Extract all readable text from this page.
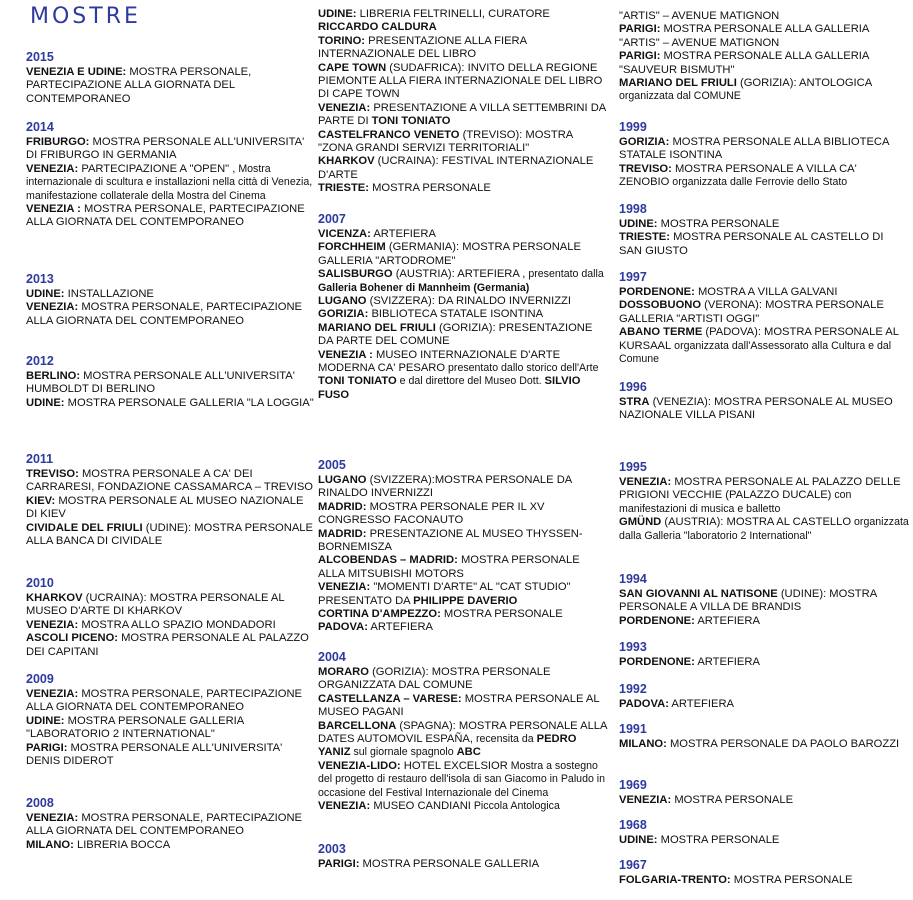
MOSTRE
2015

VENEZIA E UDINE: MOSTRA PERSONALE, PARTECIPAZIONE ALLA GIORNATA DEL CONTEMPORANEO

2014

FRIBURGO: MOSTRA PERSONALE ALL'UNIVERSITA' DI FRIBURGO IN GERMANIA

VENEZIA: PARTECIPAZIONE A "OPEN" , Mostra internazionale di scultura e installazioni nella città di Venezia, manifestazione collaterale della Mostra del Cinema

VENEZIA : MOSTRA PERSONALE, PARTECIPAZIONE ALLA GIORNATA DEL CONTEMPORANEO

2013

UDINE: INSTALLAZIONE

VENEZIA: MOSTRA PERSONALE, PARTECIPAZIONE ALLA GIORNATA DEL CONTEMPORANEO

2012

BERLINO: MOSTRA PERSONALE ALL'UNIVERSITA' HUMBOLDT DI BERLINO

UDINE: MOSTRA PERSONALE GALLERIA "LA LOGGIA"

2011

TREVISO: MOSTRA PERSONALE A CA' DEI CARRARESI, FONDAZIONE CASSAMARCA – TREVISO

KIEV: MOSTRA PERSONALE AL MUSEO NAZIONALE DI KIEV

CIVIDALE DEL FRIULI (UDINE): MOSTRA PERSONALE ALLA BANCA DI CIVIDALE

2010

KHARKOV (UCRAINA): MOSTRA PERSONALE AL MUSEO D'ARTE DI KHARKOV

VENEZIA: MOSTRA ALLO SPAZIO MONDADORI

ASCOLI PICENO: MOSTRA PERSONALE AL PALAZZO DEI CAPITANI

2009

VENEZIA: MOSTRA PERSONALE, PARTECIPAZIONE ALLA GIORNATA DEL CONTEMPORANEO

UDINE: MOSTRA PERSONALE GALLERIA "LABORATORIO 2 INTERNATIONAL"

PARIGI: MOSTRA PERSONALE ALL'UNIVERSITA' DENIS DIDEROT

2008

VENEZIA: MOSTRA PERSONALE, PARTECIPAZIONE ALLA GIORNATA DEL CONTEMPORANEO

MILANO: LIBRERIA BOCCA

UDINE: LIBRERIA FELTRINELLI, CURATORE RICCARDO CALDURA

TORINO: PRESENTAZIONE ALLA FIERA INTERNAZIONALE DEL LIBRO

CAPE TOWN (SUDAFRICA): INVITO DELLA REGIONE PIEMONTE ALLA FIERA INTERNAZIONALE DEL LIBRO DI CAPE TOWN

VENEZIA: PRESENTAZIONE A VILLA SETTEMBRINI DA PARTE DI TONI TONIATO

CASTELFRANCO VENETO (TREVISO): MOSTRA "ZONA GRANDI SERVIZI TERRITORIALI"

KHARKOV (UCRAINA): FESTIVAL INTERNAZIONALE D'ARTE

TRIESTE: MOSTRA PERSONALE

2007

VICENZA: ARTEFIERA

FORCHHEIM (GERMANIA): MOSTRA PERSONALE GALLERIA "ARTODROME"

SALISBURGO (AUSTRIA): ARTEFIERA , presentato dalla Galleria Bohener di Mannheim (Germania)

LUGANO (SVIZZERA): DA RINALDO INVERNIZZI

GORIZIA: BIBLIOTECA STATALE ISONTINA

MARIANO DEL FRIULI (GORIZIA): PRESENTAZIONE DA PARTE DEL COMUNE

VENEZIA : MUSEO INTERNAZIONALE D'ARTE MODERNA CA' PESARO presentato dallo storico dell'Arte TONI TONIATO e dal direttore del Museo Dott. SILVIO FUSO

2005

LUGANO (SVIZZERA):MOSTRA PERSONALE DA RINALDO INVERNIZZI

MADRID: MOSTRA PERSONALE PER IL XV CONGRESSO FACONAUTO

MADRID: PRESENTAZIONE AL MUSEO THYSSEN-BORNEMISZA

ALCOBENDAS – MADRID: MOSTRA PERSONALE ALLA MITSUBISHI MOTORS

VENEZIA: "MOMENTI D'ARTE" AL "CAT STUDIO" PRESENTATO DA PHILIPPE DAVERIO

CORTINA D'AMPEZZO: MOSTRA PERSONALE

PADOVA: ARTEFIERA

2004

MORARO (GORIZIA): MOSTRA PERSONALE ORGANIZZATA DAL COMUNE

CASTELLANZA – VARESE: MOSTRA PERSONALE AL MUSEO PAGANI

BARCELLONA (SPAGNA): MOSTRA PERSONALE ALLA DATES AUTOMOVIL ESPAÑA, recensita da PEDRO YANIZ sul giornale spagnolo ABC

VENEZIA-LIDO: HOTEL EXCELSIOR Mostra a sostegno del progetto di restauro dell'isola di san Giacomo in Paludo in occasione del Festival Internazionale del Cinema

VENEZIA: MUSEO CANDIANI Piccola Antologica

2003

PARIGI: MOSTRA PERSONALE GALLERIA

"ARTIS" – AVENUE MATIGNON

PARIGI: MOSTRA PERSONALE ALLA GALLERIA "ARTIS" – AVENUE MATIGNON

PARIGI: MOSTRA PERSONALE ALLA GALLERIA "SAUVEUR BISMUTH"

MARIANO DEL FRIULI (GORIZIA): ANTOLOGICA organizzata dal COMUNE

1999

GORIZIA: MOSTRA PERSONALE ALLA BIBLIOTECA STATALE ISONTINA

TREVISO: MOSTRA PERSONALE A VILLA CA' ZENOBIO organizzata dalle Ferrovie dello Stato

1998

UDINE: MOSTRA PERSONALE

TRIESTE: MOSTRA PERSONALE AL CASTELLO DI SAN GIUSTO

1997

PORDENONE: MOSTRA A VILLA GALVANI

DOSSOBUONO (VERONA): MOSTRA PERSONALE GALLERIA "ARTISTI OGGI"

ABANO TERME (PADOVA): MOSTRA PERSONALE AL KURSAAL organizzata dall'Assessorato alla Cultura e dal Comune

1996

STRA (VENEZIA): MOSTRA PERSONALE AL MUSEO NAZIONALE VILLA PISANI

1995

VENEZIA: MOSTRA PERSONALE AL PALAZZO DELLE PRIGIONI VECCHIE (PALAZZO DUCALE) con manifestazioni di musica e balletto

GMÜND (AUSTRIA): MOSTRA AL CASTELLO organizzata dalla Galleria "laboratorio 2 International"

1994

SAN GIOVANNI AL NATISONE (UDINE): MOSTRA PERSONALE A VILLA DE BRANDIS

PORDENONE: ARTEFIERA

1993

PORDENONE: ARTEFIERA

1992

PADOVA: ARTEFIERA

1991

MILANO: MOSTRA PERSONALE DA PAOLO BAROZZI

1969

VENEZIA: MOSTRA PERSONALE

1968

UDINE: MOSTRA PERSONALE

1967

FOLGARIA-TRENTO: MOSTRA PERSONALE
